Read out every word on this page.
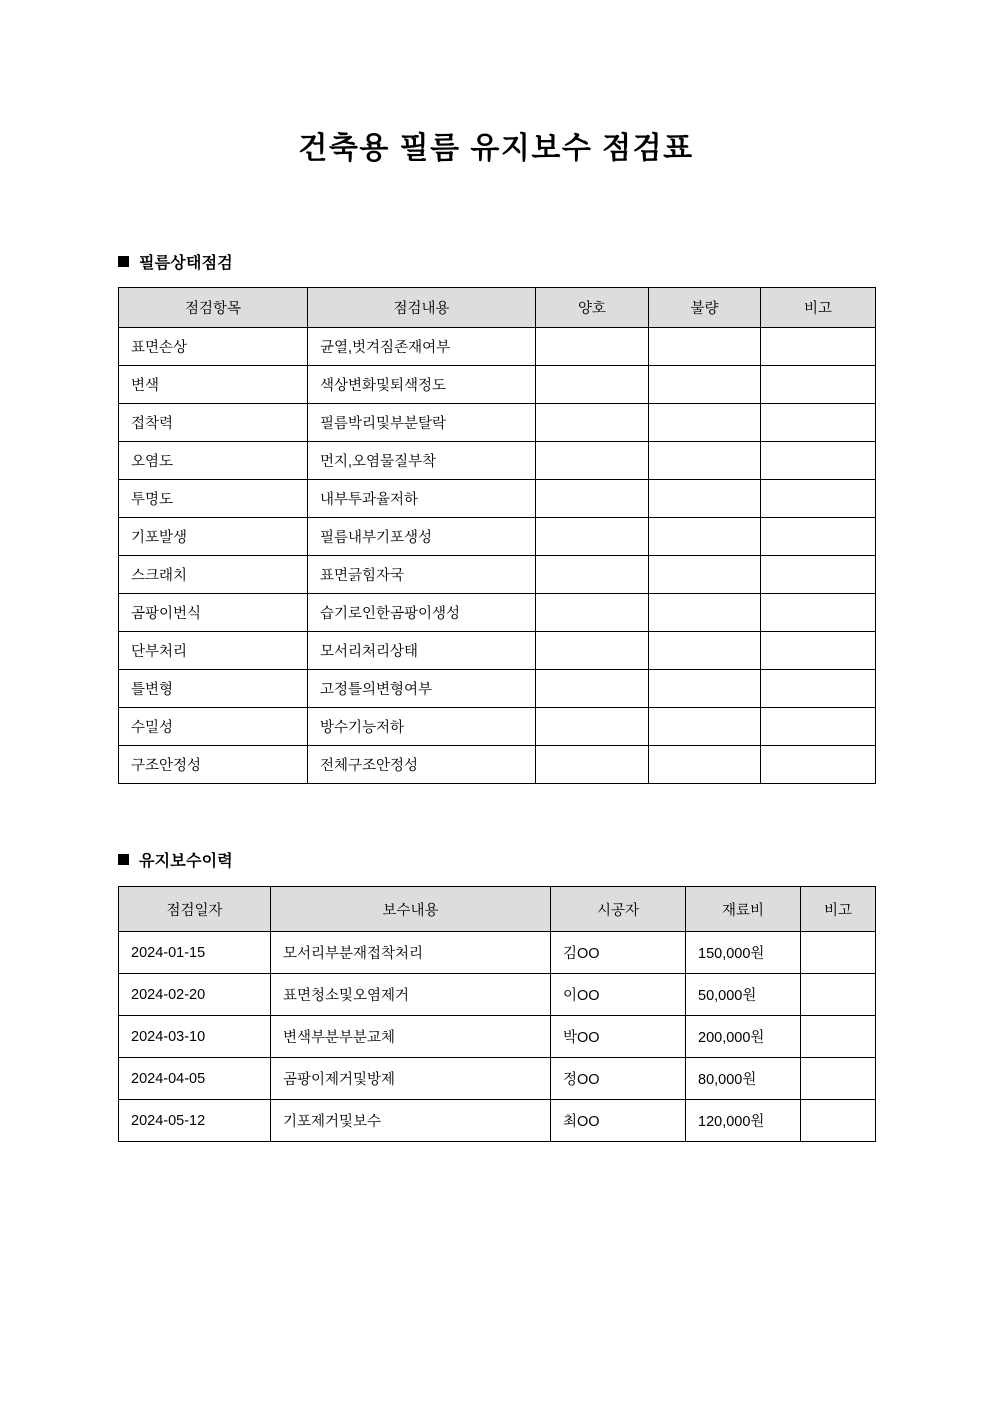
건축용 필름 유지보수 점검표
필름상태점검
점검항목	점검내용	양호	불량	비고
표면손상	균열,벗겨짐존재여부			
변색	색상변화및퇴색정도			
접착력	필름박리및부분탈락			
오염도	먼지,오염물질부착			
투명도	내부투과율저하			
기포발생	필름내부기포생성			
스크래치	표면긁힘자국			
곰팡이번식	습기로인한곰팡이생성			
단부처리	모서리처리상태			
틀변형	고정틀의변형여부			
수밀성	방수기능저하			
구조안정성	전체구조안정성			
유지보수이력
점검일자	보수내용	시공자	재료비	비고
2024-01-15	모서리부분재접착처리	김OO	150,000원	
2024-02-20	표면청소및오염제거	이OO	50,000원	
2024-03-10	변색부분부분교체	박OO	200,000원	
2024-04-05	곰팡이제거및방제	정OO	80,000원	
2024-05-12	기포제거및보수	최OO	120,000원	
